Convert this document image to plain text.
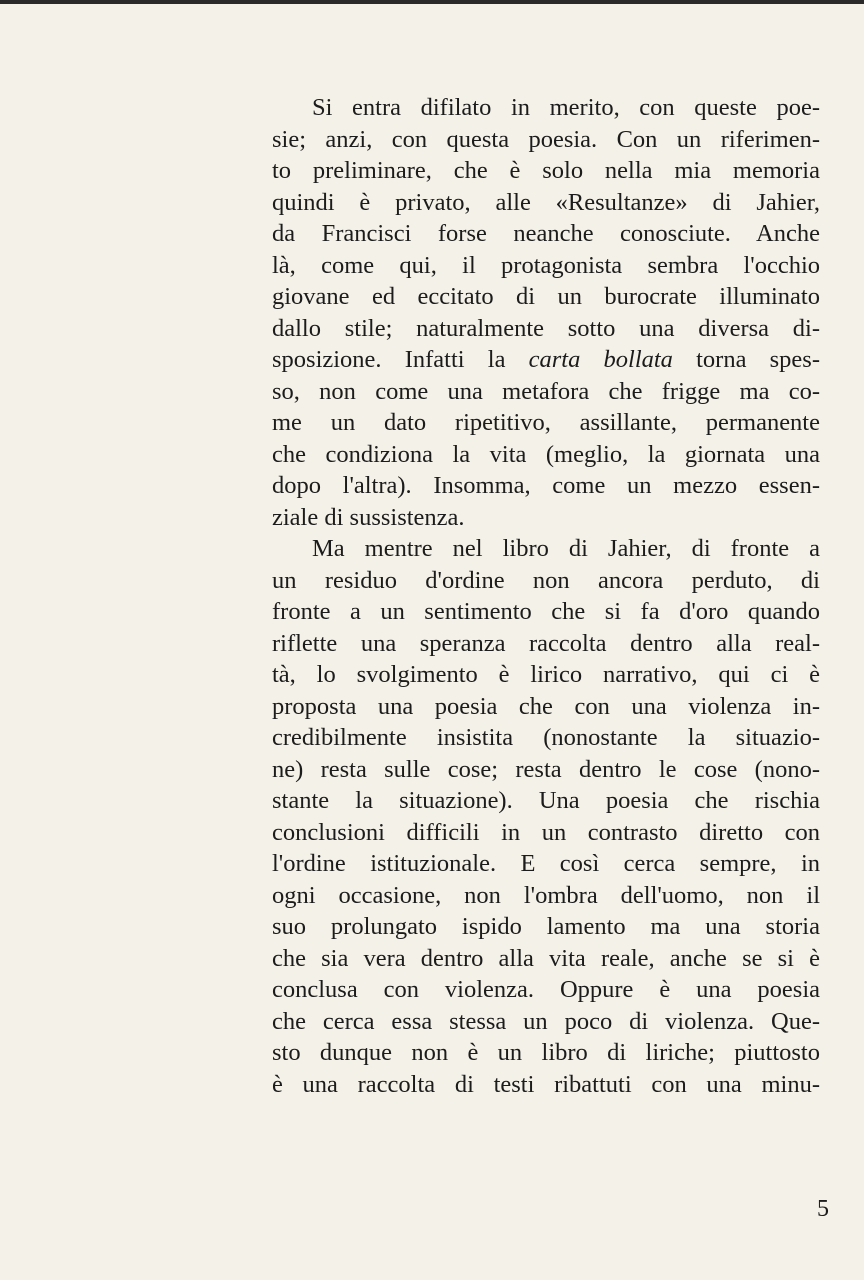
Si entra difilato in merito, con queste poe-
sie; anzi, con questa poesia. Con un riferimen-
to preliminare, che è solo nella mia memoria
quindi è privato, alle «Resultanze» di Jahier,
da Francisci forse neanche conosciute. Anche
là, come qui, il protagonista sembra l'occhio
giovane ed eccitato di un burocrate illuminato
dallo stile; naturalmente sotto una diversa di-
sposizione. Infatti la carta bollata torna spes-
so, non come una metafora che frigge ma co-
me un dato ripetitivo, assillante, permanente
che condiziona la vita (meglio, la giornata una
dopo l'altra). Insomma, come un mezzo essen-
ziale di sussistenza.
Ma mentre nel libro di Jahier, di fronte a
un residuo d'ordine non ancora perduto, di
fronte a un sentimento che si fa d'oro quando
riflette una speranza raccolta dentro alla real-
tà, lo svolgimento è lirico narrativo, qui ci è
proposta una poesia che con una violenza in-
credibilmente insistita (nonostante la situazio-
ne) resta sulle cose; resta dentro le cose (nono-
stante la situazione). Una poesia che rischia
conclusioni difficili in un contrasto diretto con
l'ordine istituzionale. E così cerca sempre, in
ogni occasione, non l'ombra dell'uomo, non il
suo prolungato ispido lamento ma una storia
che sia vera dentro alla vita reale, anche se si è
conclusa con violenza. Oppure è una poesia
che cerca essa stessa un poco di violenza. Que-
sto dunque non è un libro di liriche; piuttosto
è una raccolta di testi ribattuti con una minu-
5
